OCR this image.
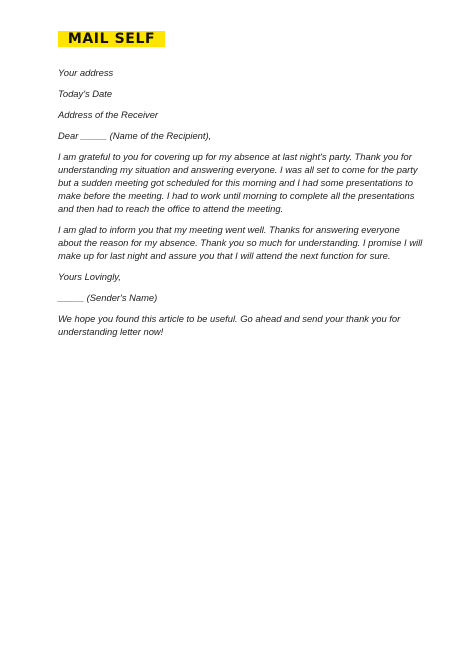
MAIL SELF

Your address

Today's Date

Address of the Receiver

Dear _____ (Name of the Recipient),

I am grateful to you for covering up for my absence at last night's party. Thank you for understanding my situation and answering everyone. I was all set to come for the party but a sudden meeting got scheduled for this morning and I had some presentations to make before the meeting. I had to work until morning to complete all the presentations and then had to reach the office to attend the meeting.

I am glad to inform you that my meeting went well. Thanks for answering everyone about the reason for my absence. Thank you so much for understanding. I promise I will make up for last night and assure you that I will attend the next function for sure.

Yours Lovingly,

_____ (Sender's Name)

We hope you found this article to be useful. Go ahead and send your thank you for understanding letter now!
